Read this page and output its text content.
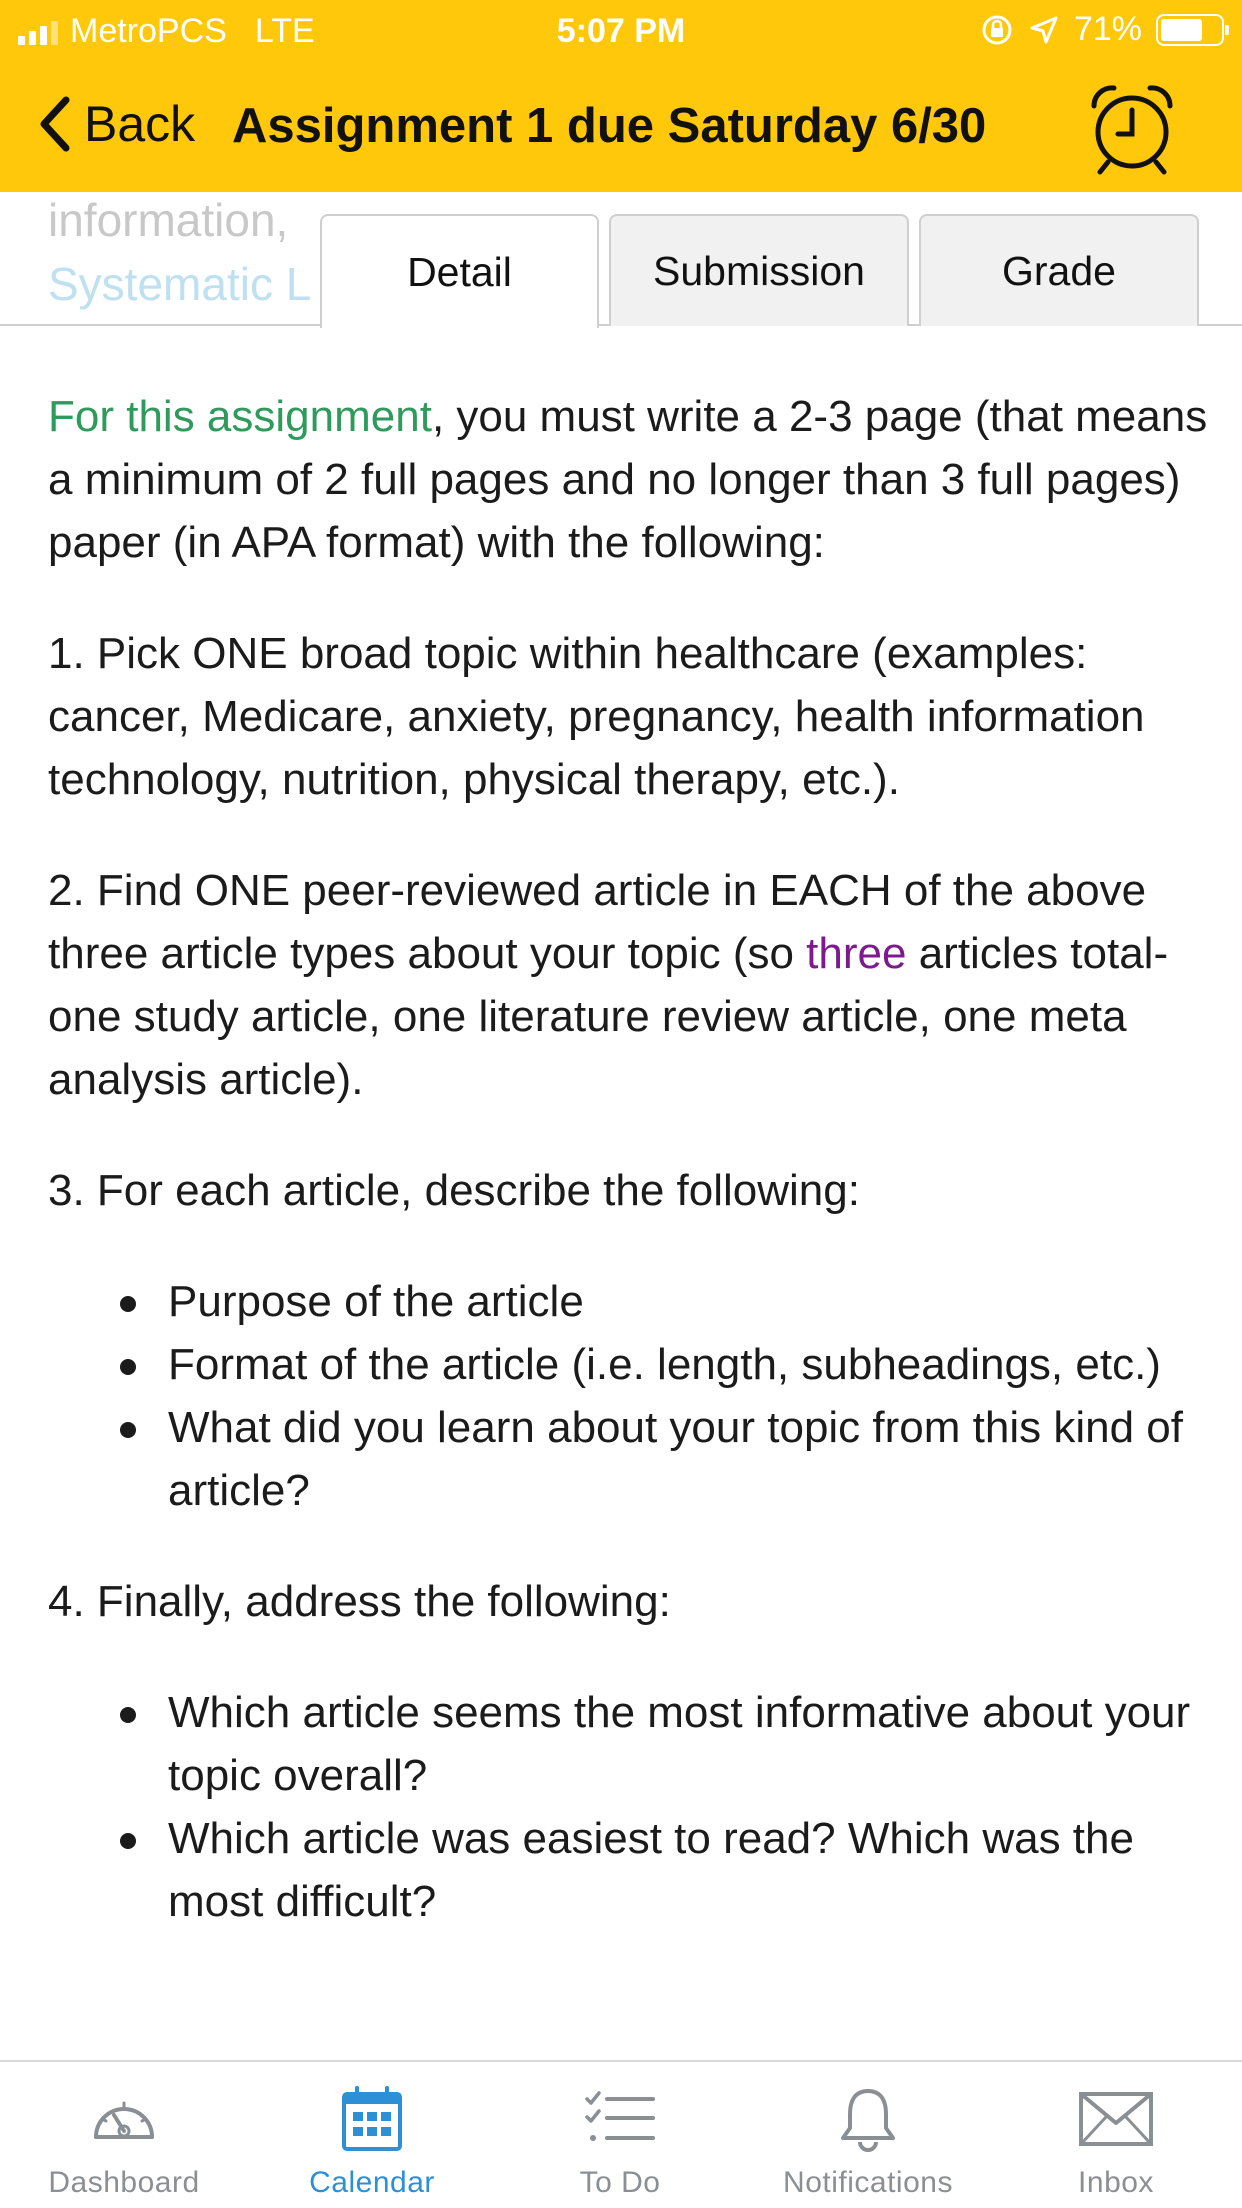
information,
Systematic L
MetroPCS LTE	5:07 PM	71%
Back Assignment 1 due Saturday 6/30
Detail	Submission	Grade

For this assignment, you must write a 2-3 page (that means a minimum of 2 full pages and no longer than 3 full pages) paper (in APA format) with the following:

1. Pick ONE broad topic within healthcare (examples: cancer, Medicare, anxiety, pregnancy, health information technology, nutrition, physical therapy, etc.).

2. Find ONE peer-reviewed article in EACH of the above three article types about your topic (so three articles total- one study article, one literature review article, one meta analysis article).

3. For each article, describe the following:

Purpose of the article
Format of the article (i.e. length, subheadings, etc.)
What did you learn about your topic from this kind of article?

4. Finally, address the following:

Which article seems the most informative about your topic overall?
Which article was easiest to read? Which was the most difficult?
Dashboard	Calendar	To Do	Notifications	Inbox
